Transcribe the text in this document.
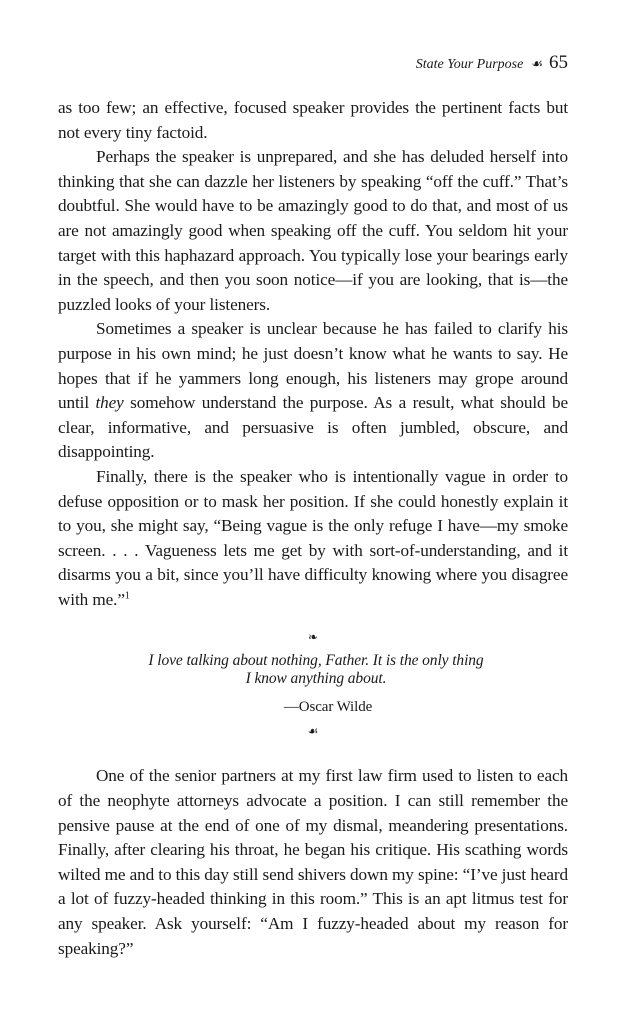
State Your Purpose ☙ 65

as too few; an effective, focused speaker provides the pertinent facts but not every tiny factoid.

Perhaps the speaker is unprepared, and she has deluded herself into thinking that she can dazzle her listeners by speaking “off the cuff.” That’s doubtful. She would have to be amazingly good to do that, and most of us are not amazingly good when speaking off the cuff. You seldom hit your target with this haphazard approach. You typically lose your bearings early in the speech, and then you soon notice—if you are looking, that is—the puzzled looks of your listeners.

Sometimes a speaker is unclear because he has failed to clarify his purpose in his own mind; he just doesn’t know what he wants to say. He hopes that if he yammers long enough, his listeners may grope around until they somehow understand the purpose. As a result, what should be clear, informative, and persuasive is often jumbled, obscure, and disappointing.

Finally, there is the speaker who is intentionally vague in order to defuse opposition or to mask her position. If she could honestly explain it to you, she might say, “Being vague is the only refuge I have—my smoke screen. . . . Vagueness lets me get by with sort-of-understanding, and it disarms you a bit, since you’ll have difficulty knowing where you disagree with me.”$^1$

❧
I love talking about nothing, Father. It is the only thing
I know anything about.
—Oscar Wilde
☙

One of the senior partners at my first law firm used to listen to each of the neophyte attorneys advocate a position. I can still remember the pensive pause at the end of one of my dismal, meandering presentations. Finally, after clearing his throat, he began his critique. His scathing words wilted me and to this day still send shivers down my spine: “I’ve just heard a lot of fuzzy-headed thinking in this room.” This is an apt litmus test for any speaker. Ask yourself: “Am I fuzzy-headed about my reason for speaking?”
